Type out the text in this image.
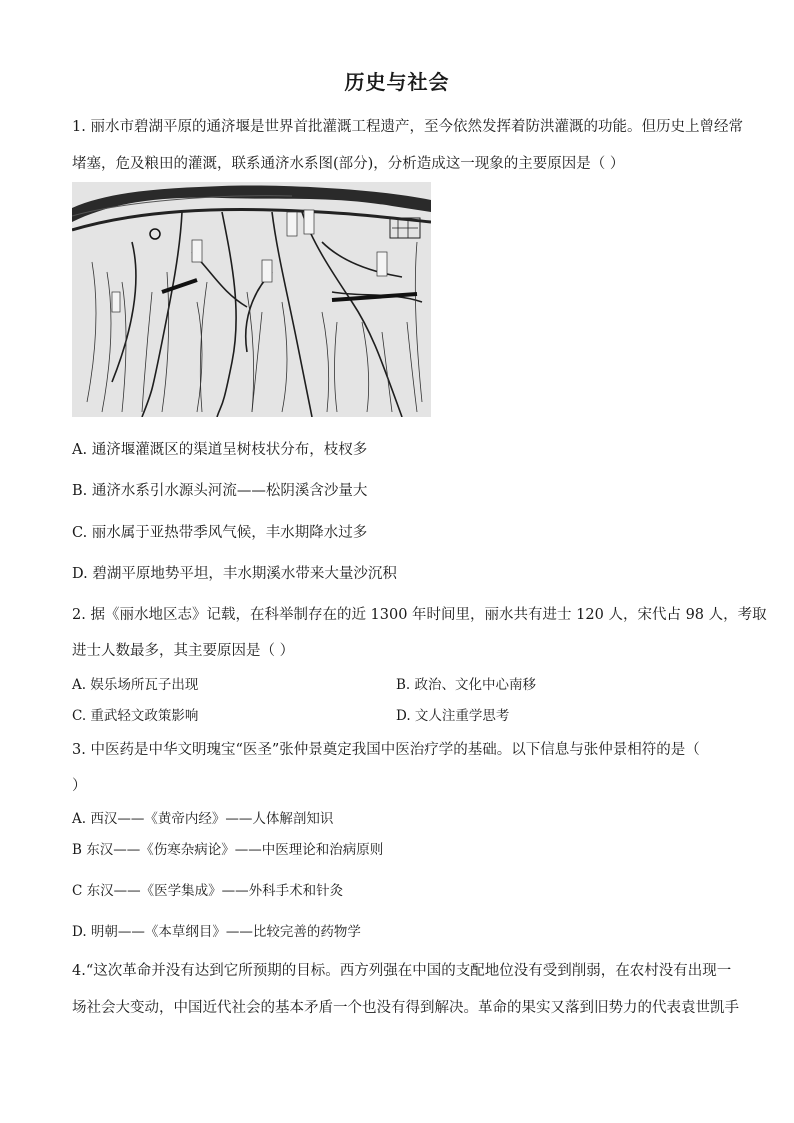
历史与社会
1. 丽水市碧湖平原的通济堰是世界首批灌溉工程遗产，至今依然发挥着防洪灌溉的功能。但历史上曾经常
堵塞，危及粮田的灌溉，联系通济水系图(部分)，分析造成这一现象的主要原因是（ ）
A. 通济堰灌溉区的渠道呈树枝状分布，枝杈多
B. 通济水系引水源头河流——松阴溪含沙量大
C. 丽水属于亚热带季风气候，丰水期降水过多
D. 碧湖平原地势平坦，丰水期溪水带来大量沙沉积
2. 据《丽水地区志》记载，在科举制存在的近 1300 年时间里，丽水共有进士 120 人，宋代占 98 人，考取
进士人数最多，其主要原因是（ ）
A. 娱乐场所瓦子出现	B. 政治、文化中心南移
C. 重武轻文政策影响	D. 文人注重学思考
3. 中医药是中华文明瑰宝“医圣”张仲景奠定我国中医治疗学的基础。以下信息与张仲景相符的是（
）
A. 西汉——《黄帝内经》——人体解剖知识
B 东汉——《伤寒杂病论》——中医理论和治病原则
C 东汉——《医学集成》——外科手术和针灸
D. 明朝——《本草纲目》——比较完善的药物学
4.“这次革命并没有达到它所预期的目标。西方列强在中国的支配地位没有受到削弱，在农村没有出现一
场社会大变动，中国近代社会的基本矛盾一个也没有得到解决。革命的果实又落到旧势力的代表袁世凯手
